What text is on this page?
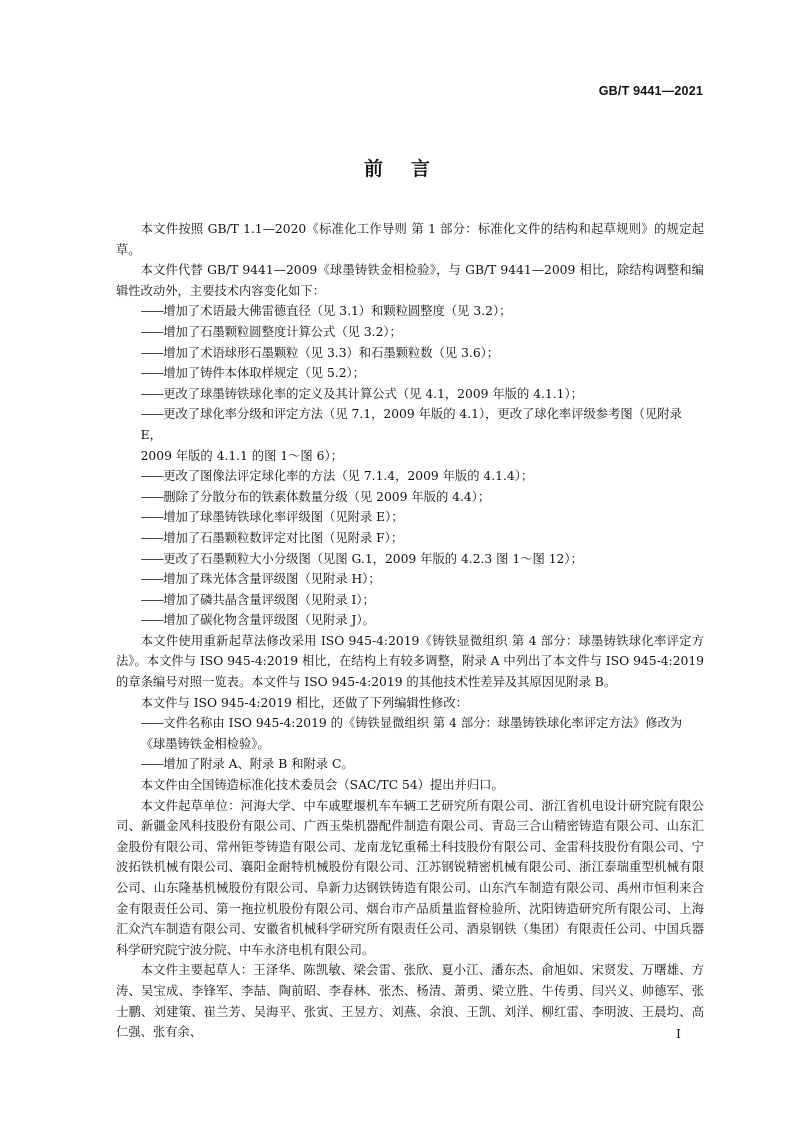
GB/T 9441—2021
前言

本文件按照 GB/T 1.1—2020《标准化工作导则 第 1 部分：标准化文件的结构和起草规则》的规定起草。

本文件代替 GB/T 9441—2009《球墨铸铁金相检验》，与 GB/T 9441—2009 相比，除结构调整和编辑性改动外，主要技术内容变化如下：

——增加了术语最大佛雷德直径（见 3.1）和颗粒圆整度（见 3.2）；

——增加了石墨颗粒圆整度计算公式（见 3.2）；

——增加了术语球形石墨颗粒（见 3.3）和石墨颗粒数（见 3.6）；

——增加了铸件本体取样规定（见 5.2）；

——更改了球墨铸铁球化率的定义及其计算公式（见 4.1，2009 年版的 4.1.1）；

——更改了球化率分级和评定方法（见 7.1，2009 年版的 4.1），更改了球化率评级参考图（见附录 E，

2009 年版的 4.1.1 的图 1～图 6）；

——更改了图像法评定球化率的方法（见 7.1.4，2009 年版的 4.1.4）；

——删除了分散分布的铁素体数量分级（见 2009 年版的 4.4）；

——增加了球墨铸铁球化率评级图（见附录 E）；

——增加了石墨颗粒数评定对比图（见附录 F）；

——更改了石墨颗粒大小分级图（见图 G.1，2009 年版的 4.2.3 图 1～图 12）；

——增加了珠光体含量评级图（见附录 H）；

——增加了磷共晶含量评级图（见附录 I）；

——增加了碳化物含量评级图（见附录 J）。

本文件使用重新起草法修改采用 ISO 945-4:2019《铸铁显微组织 第 4 部分：球墨铸铁球化率评定方法》。本文件与 ISO 945-4:2019 相比，在结构上有较多调整，附录 A 中列出了本文件与 ISO 945-4:2019 的章条编号对照一览表。本文件与 ISO 945-4:2019 的其他技术性差异及其原因见附录 B。

本文件与 ISO 945-4:2019 相比，还做了下列编辑性修改：

——文件名称由 ISO 945-4:2019 的《铸铁显微组织 第 4 部分：球墨铸铁球化率评定方法》修改为

《球墨铸铁金相检验》。

——增加了附录 A、附录 B 和附录 C。

本文件由全国铸造标准化技术委员会（SAC/TC 54）提出并归口。

本文件起草单位：河海大学、中车戚墅堰机车车辆工艺研究所有限公司、浙江省机电设计研究院有限公司、新疆金风科技股份有限公司、广西玉柴机器配件制造有限公司、青岛三合山精密铸造有限公司、山东汇金股份有限公司、常州钜苓铸造有限公司、龙南龙钇重稀土科技股份有限公司、金雷科技股份有限公司、宁波拓铁机械有限公司、襄阳金耐特机械股份有限公司、江苏钢锐精密机械有限公司、浙江泰瑞重型机械有限公司、山东隆基机械股份有限公司、阜新力达钢铁铸造有限公司、山东汽车制造有限公司、禹州市恒利来合金有限责任公司、第一拖拉机股份有限公司、烟台市产品质量监督检验所、沈阳铸造研究所有限公司、上海汇众汽车制造有限公司、安徽省机械科学研究所有限责任公司、酒泉钢铁（集团）有限责任公司、中国兵器科学研究院宁波分院、中车永济电机有限公司。

本文件主要起草人：王泽华、陈凯敏、梁会雷、张欣、夏小江、潘东杰、俞旭如、宋贤发、万曙雄、方涛、吴宝成、李锋军、李喆、陶前昭、李春林、张杰、杨清、萧勇、梁立胜、牛传勇、闫兴义、帅德军、张士鹏、刘建策、崔兰芳、吴海平、张寅、王昱方、刘燕、余浪、王凯、刘洋、柳红雷、李明波、王晨均、高仁强、张有余、	I
